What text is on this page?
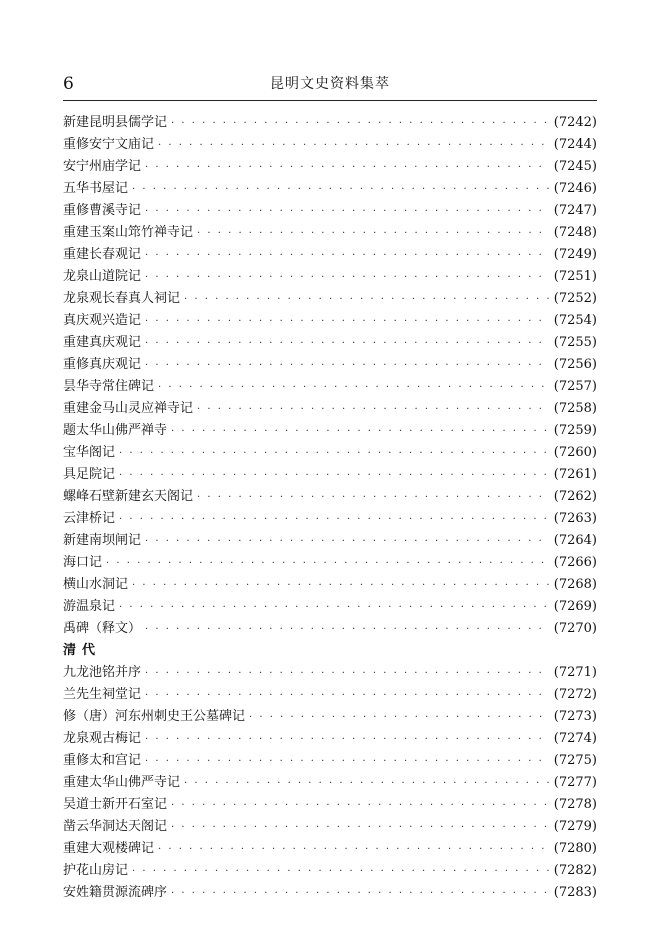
6	昆明文史资料集萃
新建昆明县儒学记 · · ·	(7242)
重修安宁文庙记 · · ·	(7244)
安宁州庙学记 · · ·	(7245)
五华书屋记 · · ·	(7246)
重修曹溪寺记 · · ·	(7247)
重建玉案山筇竹禅寺记 · · ·	(7248)
重建长春观记 · · ·	(7249)
龙泉山道院记 · · ·	(7251)
龙泉观长春真人祠记 · · ·	(7252)
真庆观兴造记 · · ·	(7254)
重建真庆观记 · · ·	(7255)
重修真庆观记 · · ·	(7256)
昙华寺常住碑记 · · ·	(7257)
重建金马山灵应禅寺记 · · ·	(7258)
题太华山佛严禅寺 · · ·	(7259)
宝华阁记 · · ·	(7260)
具足院记 · · ·	(7261)
螺峰石壁新建玄天阁记 · · ·	(7262)
云津桥记 · · ·	(7263)
新建南坝闸记 · · ·	(7264)
海口记 · · ·	(7266)
横山水洞记 · · ·	(7268)
游温泉记 · · ·	(7269)
禹碑（释文） · · ·	(7270)
清代
九龙池铭并序 · · ·	(7271)
兰先生祠堂记 · · ·	(7272)
修（唐）河东州刺史王公墓碑记 · · ·	(7273)
龙泉观古梅记 · · ·	(7274)
重修太和宫记 · · ·	(7275)
重建太华山佛严寺记 · · ·	(7277)
吴道士新开石室记 · · ·	(7278)
凿云华洞达天阁记 · · ·	(7279)
重建大观楼碑记 · · ·	(7280)
护花山房记 · · ·	(7282)
安姓籍贯源流碑序 · · ·	(7283)
